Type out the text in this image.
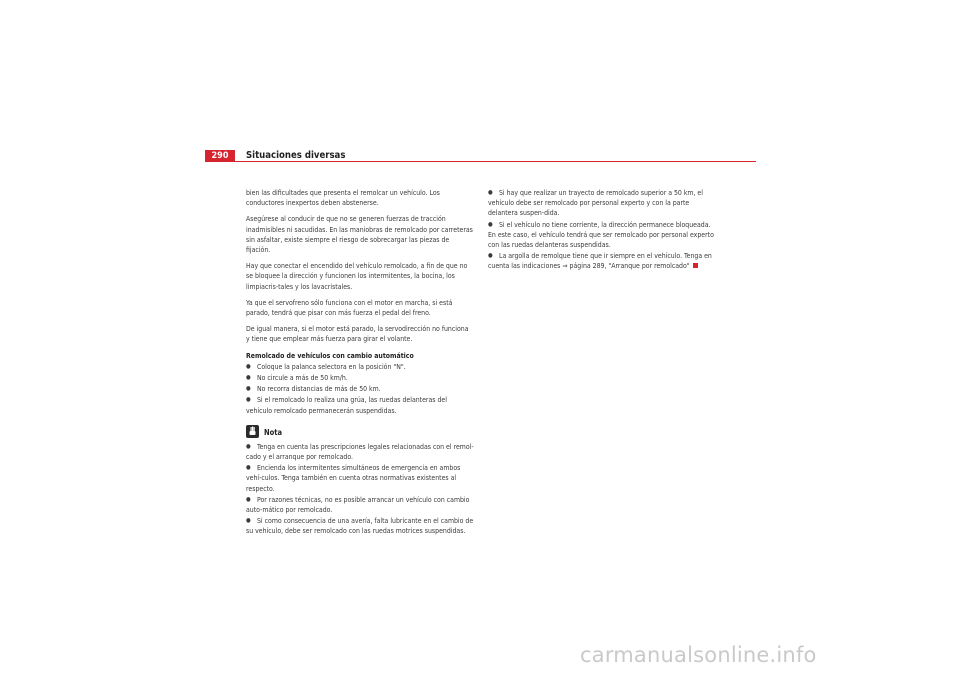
290	Situaciones diversas

bien las dificultades que presenta el remolcar un vehículo. Los conductores inexpertos deben abstenerse.

Asegúrese al conducir de que no se generen fuerzas de tracción inadmisibles ni sacudidas. En las maniobras de remolcado por carreteras sin asfaltar, existe siempre el riesgo de sobrecargar las piezas de fijación.

Hay que conectar el encendido del vehículo remolcado, a fin de que no se bloquee la dirección y funcionen los intermitentes, la bocina, los limpiacris-tales y los lavacristales.

Ya que el servofreno sólo funciona con el motor en marcha, si está parado, tendrá que pisar con más fuerza el pedal del freno.

De igual manera, si el motor está parado, la servodirección no funciona y tiene que emplear más fuerza para girar el volante.

Remolcado de vehículos con cambio automático
● Coloque la palanca selectora en la posición "N".
● No circule a más de 50 km/h.
● No recorra distancias de más de 50 km.
● Si el remolcado lo realiza una grúa, las ruedas delanteras del vehículo remolcado permanecerán suspendidas.
Nota
● Tenga en cuenta las prescripciones legales relacionadas con el remol-cado y el arranque por remolcado.
● Encienda los intermitentes simultáneos de emergencia en ambos vehí-culos. Tenga también en cuenta otras normativas existentes al respecto.
● Por razones técnicas, no es posible arrancar un vehículo con cambio auto-mático por remolcado.
● Si como consecuencia de una avería, falta lubricante en el cambio de su vehículo, debe ser remolcado con las ruedas motrices suspendidas.
● Si hay que realizar un trayecto de remolcado superior a 50 km, el vehículo debe ser remolcado por personal experto y con la parte delantera suspen-dida.
● Si el vehículo no tiene corriente, la dirección permanece bloqueada. En este caso, el vehículo tendrá que ser remolcado por personal experto con las ruedas delanteras suspendidas.
● La argolla de remolque tiene que ir siempre en el vehículo. Tenga en cuenta las indicaciones ⇒ página 289, "Arranque por remolcado"
carmanualsonline.info
